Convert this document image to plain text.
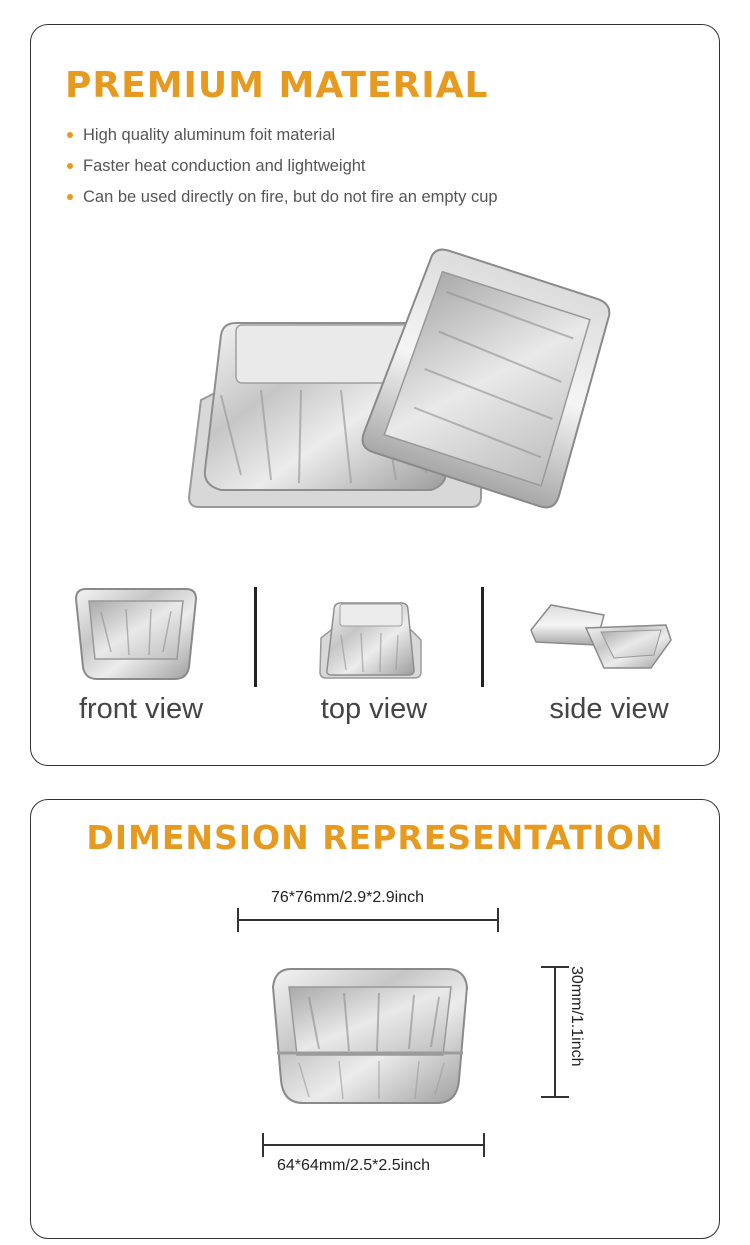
PREMIUM MATERIAL
High quality aluminum foit material
Faster heat conduction and lightweight
Can be used directly on fire, but do not fire an empty cup
front view	top view	side view
DIMENSION REPRESENTATION
76*76mm/2.9*2.9inch
30mm/1.1inch
64*64mm/2.5*2.5inch
